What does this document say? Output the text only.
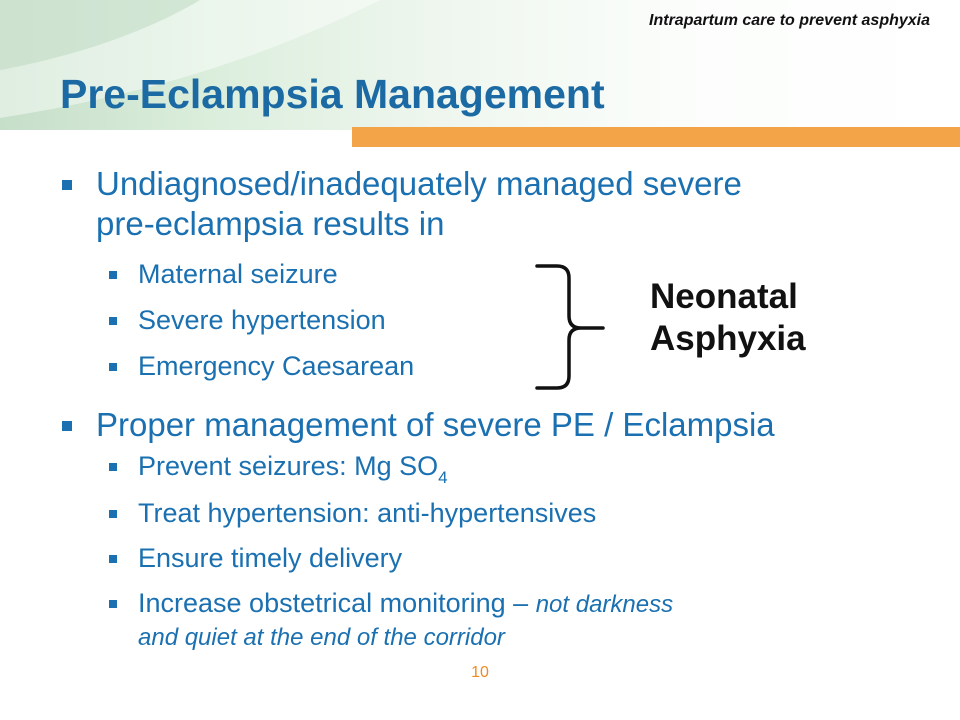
Intrapartum care to prevent asphyxia
Pre-Eclampsia Management
Undiagnosed/inadequately managed severe
pre-eclampsia results in
Maternal seizure
Severe hypertension
Emergency Caesarean
Neonatal
Asphyxia
Proper management of severe PE / Eclampsia
Prevent seizures: Mg $SO_4$
Treat hypertension: anti-hypertensives
Ensure timely delivery
Increase obstetrical monitoring – not darkness
and quiet at the end of the corridor
10
